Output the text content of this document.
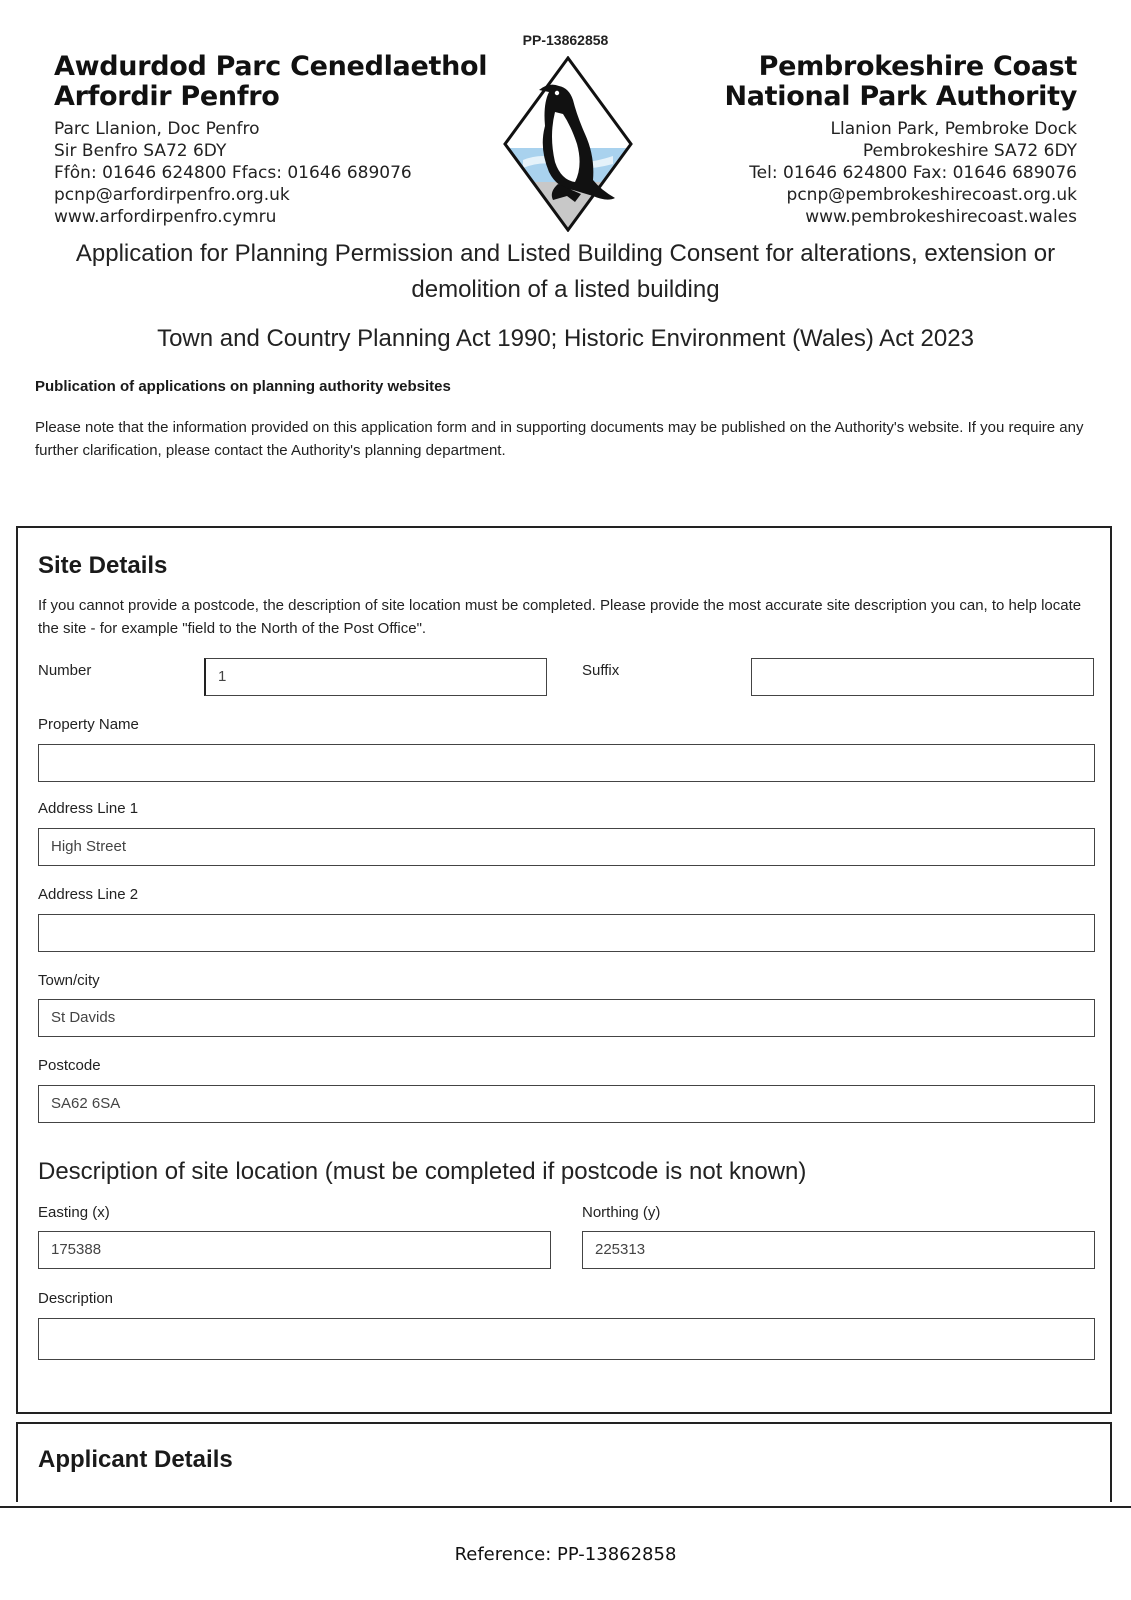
PP-13862858
Awdurdod Parc Cenedlaethol
Arfordir Penfro
Parc Llanion, Doc Penfro
Sir Benfro SA72 6DY
Ffôn: 01646 624800 Ffacs: 01646 689076
pcnp@arfordirpenfro.org.uk
www.arfordirpenfro.cymru
Pembrokeshire Coast
National Park Authority
Llanion Park, Pembroke Dock
Pembrokeshire SA72 6DY
Tel: 01646 624800 Fax: 01646 689076
pcnp@pembrokeshirecoast.org.uk
www.pembrokeshirecoast.wales
Application for Planning Permission and Listed Building Consent for alterations, extension or demolition of a listed building
Town and Country Planning Act 1990; Historic Environment (Wales) Act 2023
Publication of applications on planning authority websites
Please note that the information provided on this application form and in supporting documents may be published on the Authority's website. If you require any further clarification, please contact the Authority's planning department.
Site Details
If you cannot provide a postcode, the description of site location must be completed. Please provide the most accurate site description you can, to help locate the site - for example "field to the North of the Post Office".
Number	1	Suffix
Property Name
Address Line 1
High Street
Address Line 2
Town/city
St Davids
Postcode
SA62 6SA
Description of site location (must be completed if postcode is not known)
Easting (x)
175388
Northing (y)
225313
Description
Applicant Details
Reference: PP-13862858
